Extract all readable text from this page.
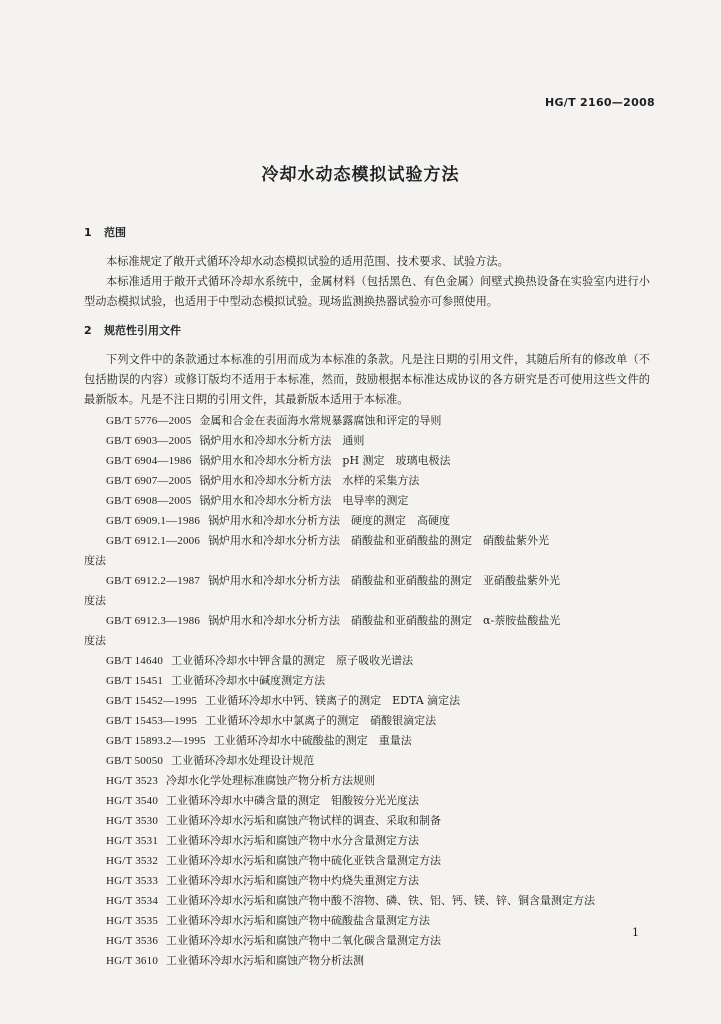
HG/T 2160—2008
冷却水动态模拟试验方法
1 范围
本标准规定了敞开式循环冷却水动态模拟试验的适用范围、技术要求、试验方法。
本标准适用于敞开式循环冷却水系统中，金属材料（包括黑色、有色金属）间壁式换热设备在实验室内进行小型动态模拟试验，也适用于中型动态模拟试验。现场监测换热器试验亦可参照使用。
2 规范性引用文件
下列文件中的条款通过本标准的引用而成为本标准的条款。凡是注日期的引用文件，其随后所有的修改单（不包括勘误的内容）或修订版均不适用于本标准，然而，鼓励根据本标准达成协议的各方研究是否可使用这些文件的最新版本。凡是不注日期的引用文件，其最新版本适用于本标准。
GB/T 5776—2005 金属和合金在表面海水常规暴露腐蚀和评定的导则
GB/T 6903—2005 锅炉用水和冷却水分析方法　通则
GB/T 6904—1986 锅炉用水和冷却水分析方法　pH 测定　玻璃电极法
GB/T 6907—2005 锅炉用水和冷却水分析方法　水样的采集方法
GB/T 6908—2005 锅炉用水和冷却水分析方法　电导率的测定
GB/T 6909.1—1986 锅炉用水和冷却水分析方法　硬度的测定　高硬度
GB/T 6912.1—2006 锅炉用水和冷却水分析方法　硝酸盐和亚硝酸盐的测定　硝酸盐紫外光
度法
GB/T 6912.2—1987 锅炉用水和冷却水分析方法　硝酸盐和亚硝酸盐的测定　亚硝酸盐紫外光
度法
GB/T 6912.3—1986 锅炉用水和冷却水分析方法　硝酸盐和亚硝酸盐的测定　α-萘胺盐酸盐光
度法
GB/T 14640 工业循环冷却水中钾含量的测定　原子吸收光谱法
GB/T 15451 工业循环冷却水中碱度测定方法
GB/T 15452—1995 工业循环冷却水中钙、镁离子的测定　EDTA 滴定法
GB/T 15453—1995 工业循环冷却水中氯离子的测定　硝酸银滴定法
GB/T 15893.2—1995 工业循环冷却水中硫酸盐的测定　重量法
GB/T 50050 工业循环冷却水处理设计规范
HG/T 3523 冷却水化学处理标准腐蚀产物分析方法规则
HG/T 3540 工业循环冷却水中磷含量的测定　钼酸铵分光光度法
HG/T 3530 工业循环冷却水污垢和腐蚀产物试样的调查、采取和制备
HG/T 3531 工业循环冷却水污垢和腐蚀产物中水分含量测定方法
HG/T 3532 工业循环冷却水污垢和腐蚀产物中硫化亚铁含量测定方法
HG/T 3533 工业循环冷却水污垢和腐蚀产物中灼烧失重测定方法
HG/T 3534 工业循环冷却水污垢和腐蚀产物中酸不溶物、磷、铁、铝、钙、镁、锌、铜含量测定方法
HG/T 3535 工业循环冷却水污垢和腐蚀产物中硫酸盐含量测定方法
HG/T 3536 工业循环冷却水污垢和腐蚀产物中二氧化碳含量测定方法
HG/T 3610 工业循环冷却水污垢和腐蚀产物分析法测
1
